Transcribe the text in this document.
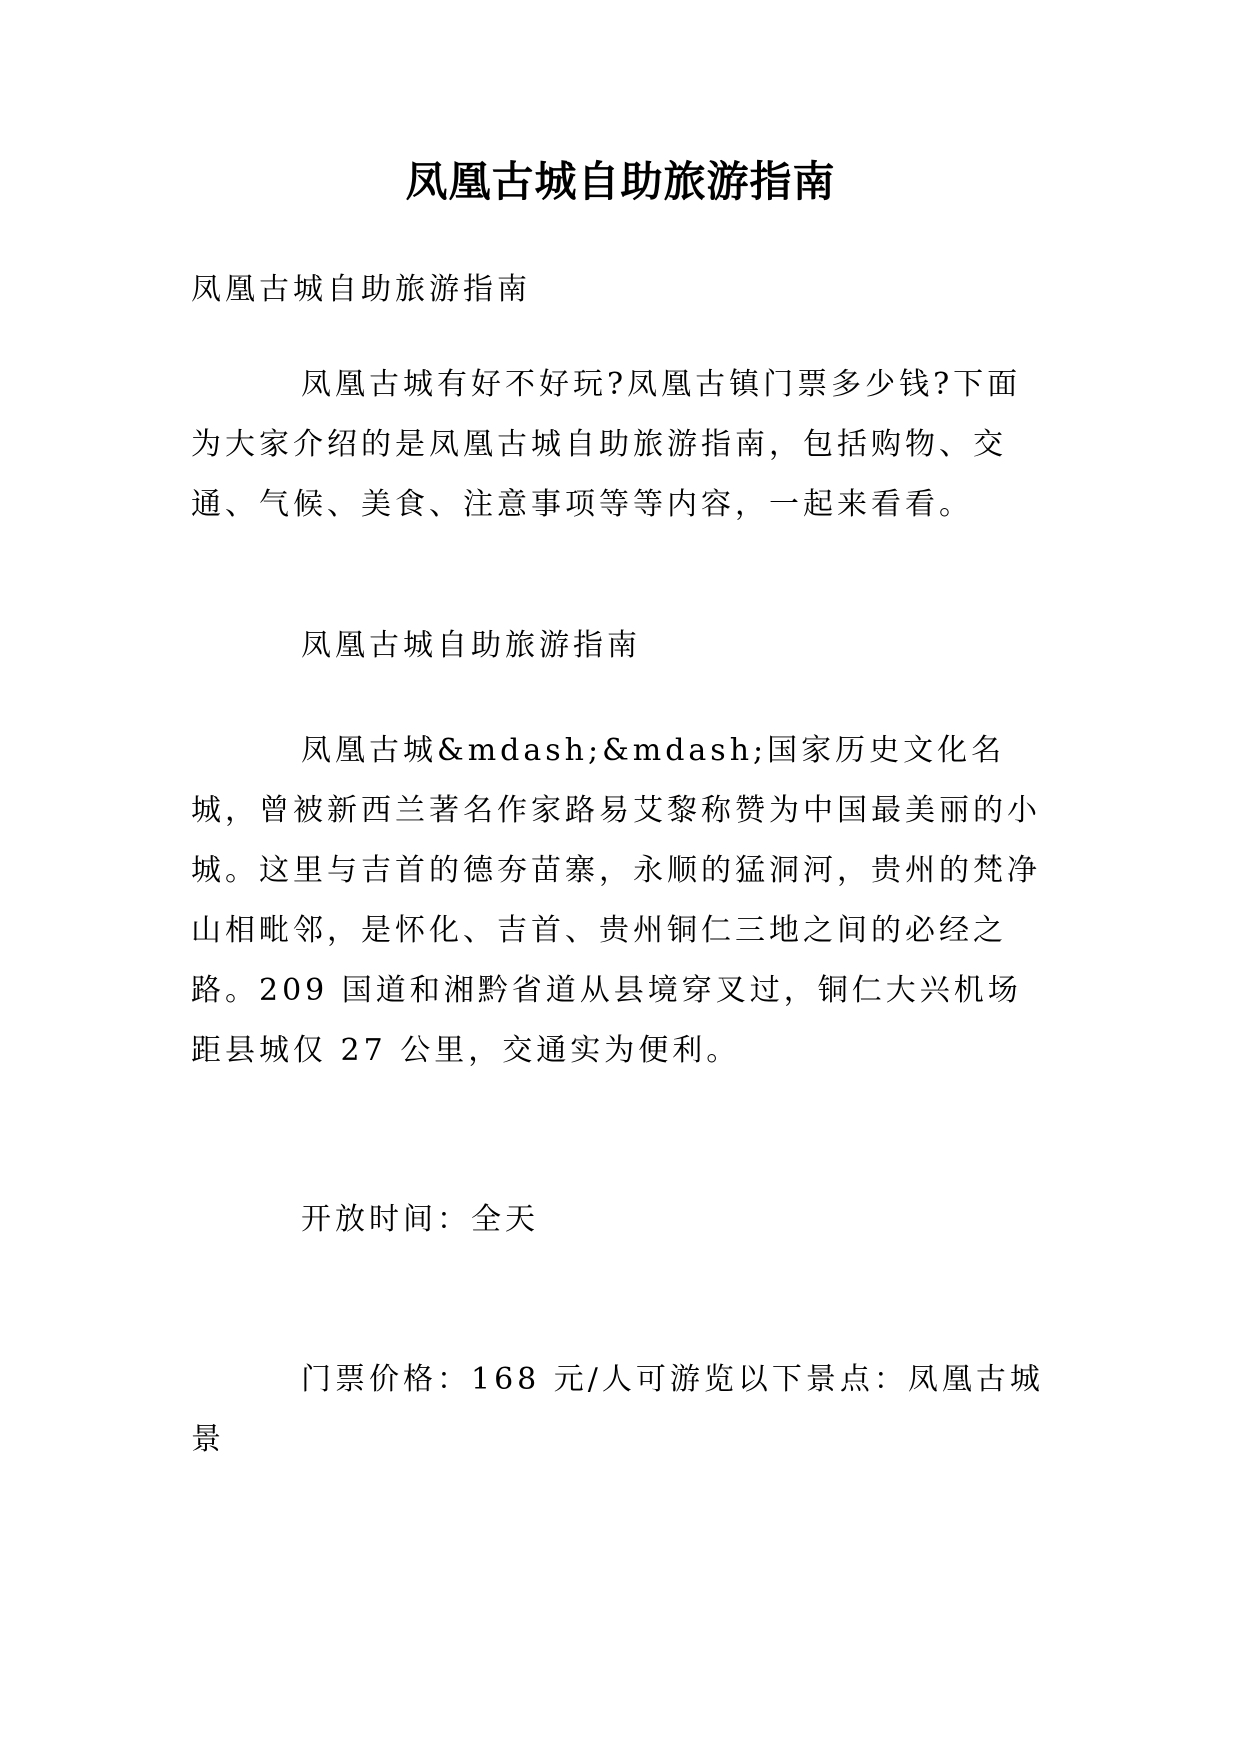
凤凰古城自助旅游指南

凤凰古城自助旅游指南

凤凰古城有好不好玩?凤凰古镇门票多少钱?下面为大家介绍的是凤凰古城自助旅游指南，包括购物、交通、气候、美食、注意事项等等内容，一起来看看。

凤凰古城自助旅游指南

凤凰古城&mdash;&mdash;国家历史文化名城，曾被新西兰著名作家路易艾黎称赞为中国最美丽的小城。这里与吉首的德夯苗寨，永顺的猛洞河，贵州的梵净山相毗邻，是怀化、吉首、贵州铜仁三地之间的必经之路。209 国道和湘黔省道从县境穿叉过，铜仁大兴机场距县城仅 27 公里，交通实为便利。

开放时间：全天

门票价格：168 元/人可游览以下景点：凤凰古城景
